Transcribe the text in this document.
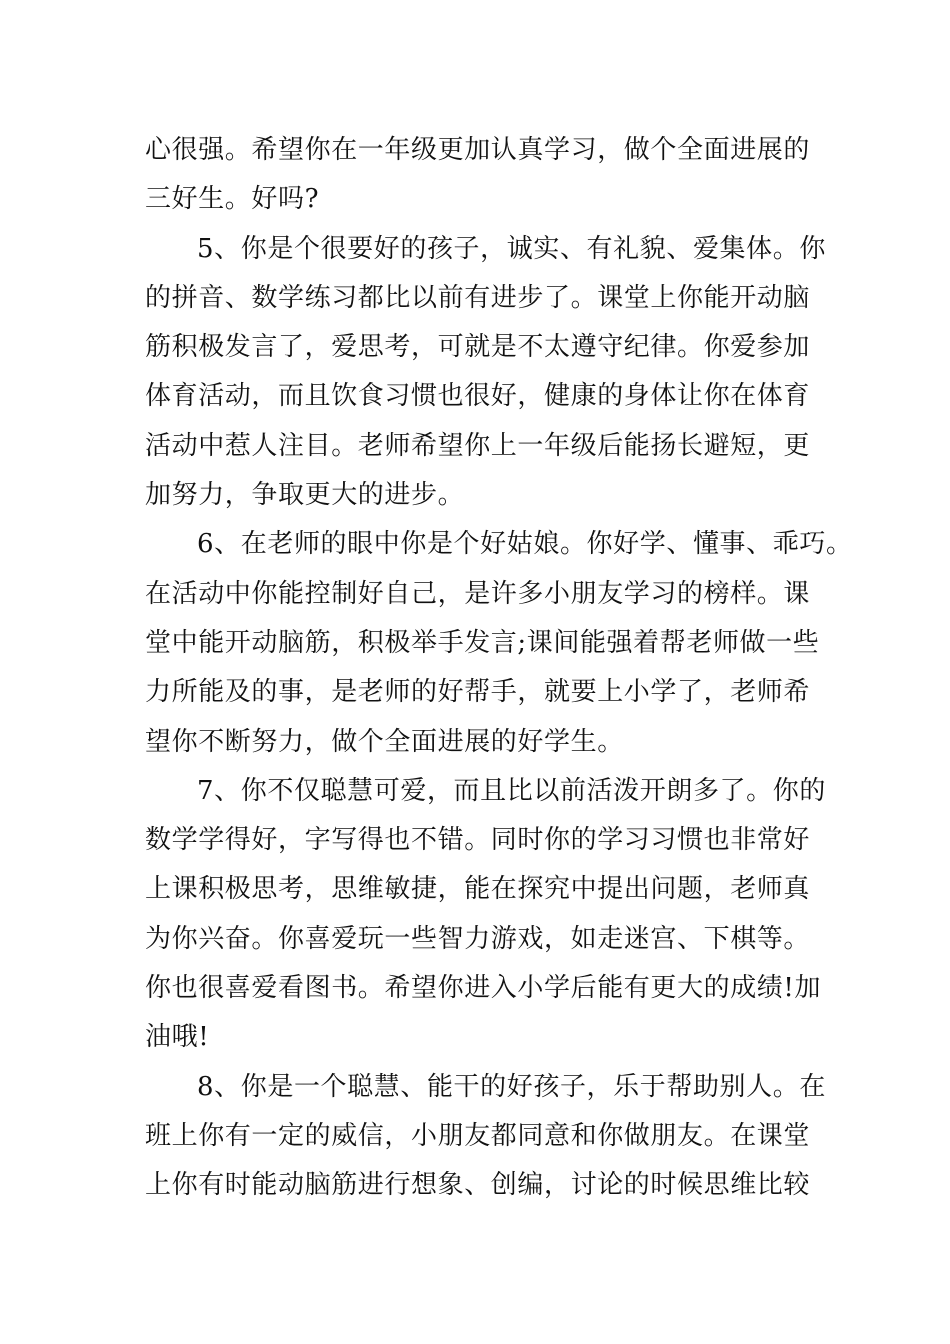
心很强。希望你在一年级更加认真学习，做个全面进展的
三好生。好吗?
5、你是个很要好的孩子，诚实、有礼貌、爱集体。你
的拼音、数学练习都比以前有进步了。课堂上你能开动脑
筋积极发言了，爱思考，可就是不太遵守纪律。你爱参加
体育活动，而且饮食习惯也很好，健康的身体让你在体育
活动中惹人注目。老师希望你上一年级后能扬长避短，更
加努力，争取更大的进步。
6、在老师的眼中你是个好姑娘。你好学、懂事、乖巧。
在活动中你能控制好自己，是许多小朋友学习的榜样。课
堂中能开动脑筋，积极举手发言;课间能强着帮老师做一些
力所能及的事，是老师的好帮手，就要上小学了，老师希
望你不断努力，做个全面进展的好学生。
7、你不仅聪慧可爱，而且比以前活泼开朗多了。你的
数学学得好，字写得也不错。同时你的学习习惯也非常好
上课积极思考，思维敏捷，能在探究中提出问题，老师真
为你兴奋。你喜爱玩一些智力游戏，如走迷宫、下棋等。
你也很喜爱看图书。希望你进入小学后能有更大的成绩!加
油哦!
8、你是一个聪慧、能干的好孩子，乐于帮助别人。在
班上你有一定的威信，小朋友都同意和你做朋友。在课堂
上你有时能动脑筋进行想象、创编，讨论的时候思维比较
